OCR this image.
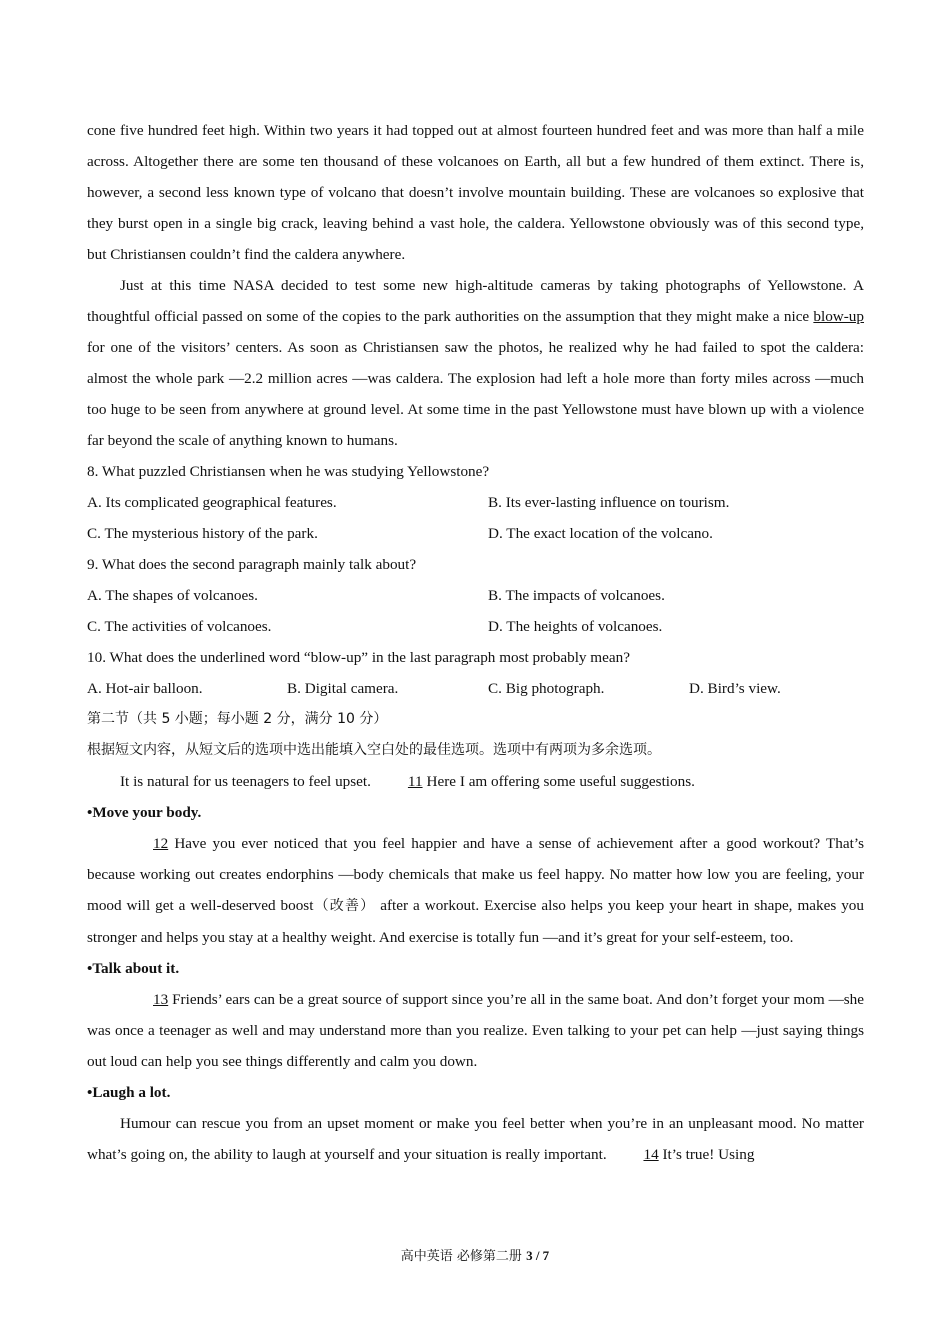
cone five hundred feet high. Within two years it had topped out at almost fourteen hundred feet and was more than half a mile across. Altogether there are some ten thousand of these volcanoes on Earth, all but a few hundred of them extinct. There is, however, a second less known type of volcano that doesn’t involve mountain building. These are volcanoes so explosive that they burst open in a single big crack, leaving behind a vast hole, the caldera. Yellowstone obviously was of this second type, but Christiansen couldn’t find the caldera anywhere.

Just at this time NASA decided to test some new high-altitude cameras by taking photographs of Yellowstone. A thoughtful official passed on some of the copies to the park authorities on the assumption that they might make a nice blow-up for one of the visitors’ centers. As soon as Christiansen saw the photos, he realized why he had failed to spot the caldera: almost the whole park —2.2 million acres —was caldera. The explosion had left a hole more than forty miles across —much too huge to be seen from anywhere at ground level. At some time in the past Yellowstone must have blown up with a violence far beyond the scale of anything known to humans.

8. What puzzled Christiansen when he was studying Yellowstone?

A. Its complicated geographical features.	B. Its ever-lasting influence on tourism.
C. The mysterious history of the park.	D. The exact location of the volcano.

9. What does the second paragraph mainly talk about?

A. The shapes of volcanoes.	B. The impacts of volcanoes.
C. The activities of volcanoes.	D. The heights of volcanoes.

10. What does the underlined word “blow-up” in the last paragraph most probably mean?

A. Hot-air balloon.	B. Digital camera.	C. Big photograph.	D. Bird’s view.

第二节（共 5 小题；每小题 2 分，满分 10 分）

根据短文内容，从短文后的选项中选出能填入空白处的最佳选项。选项中有两项为多余选项。

It is natural for us teenagers to feel upset. 11 Here I am offering some useful suggestions.

•Move your body.

12 Have you ever noticed that you feel happier and have a sense of achievement after a good workout? That’s because working out creates endorphins —body chemicals that make us feel happy. No matter how low you are feeling, your mood will get a well-deserved boost（改善） after a workout. Exercise also helps you keep your heart in shape, makes you stronger and helps you stay at a healthy weight. And exercise is totally fun —and it’s great for your self-esteem, too.

•Talk about it.

13 Friends’ ears can be a great source of support since you’re all in the same boat. And don’t forget your mom —she was once a teenager as well and may understand more than you realize. Even talking to your pet can help —just saying things out loud can help you see things differently and calm you down.

•Laugh a lot.

Humour can rescue you from an upset moment or make you feel better when you’re in an unpleasant mood. No matter what’s going on, the ability to laugh at yourself and your situation is really important. 14 It’s true! Using

高中英语 必修第二册 3 / 7
